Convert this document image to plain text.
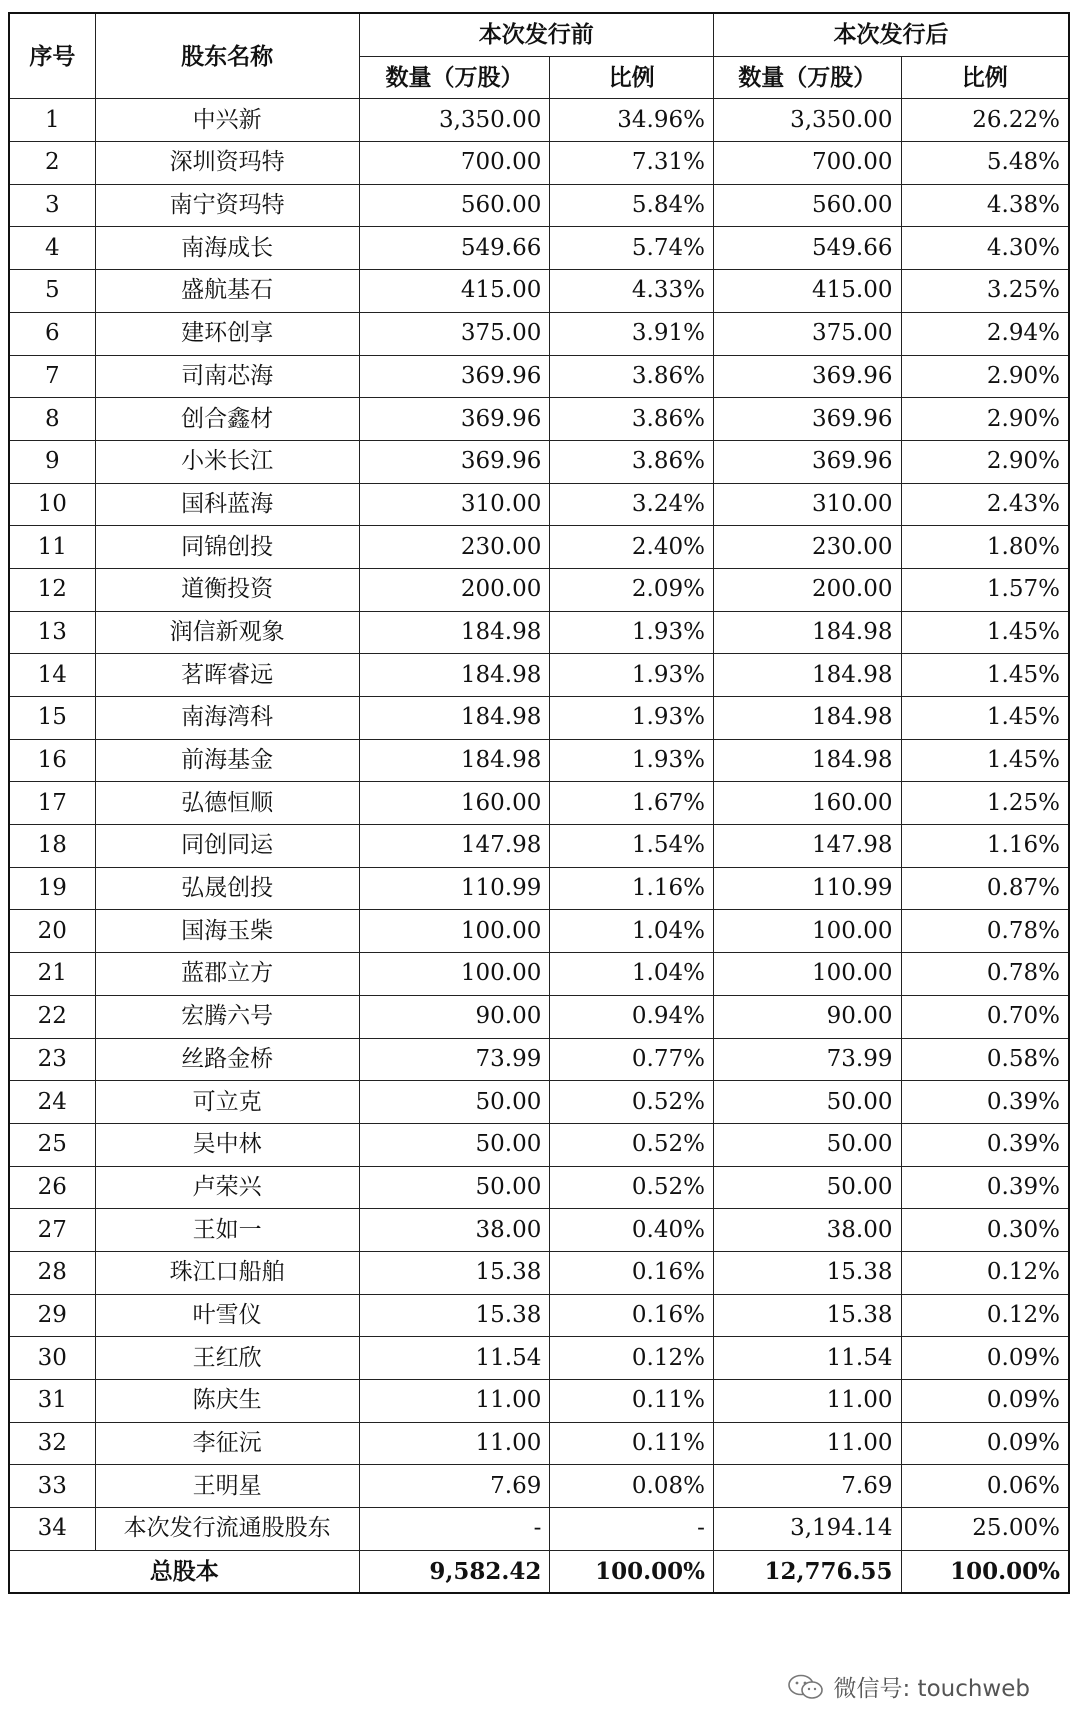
序号	股东名称	本次发行前		本次发行后	
		数量（万股）	比例	数量（万股）	比例
1	中兴新	3,350.00	34.96%	3,350.00	26.22%
2	深圳资玛特	700.00	7.31%	700.00	5.48%
3	南宁资玛特	560.00	5.84%	560.00	4.38%
4	南海成长	549.66	5.74%	549.66	4.30%
5	盛航基石	415.00	4.33%	415.00	3.25%
6	建环创享	375.00	3.91%	375.00	2.94%
7	司南芯海	369.96	3.86%	369.96	2.90%
8	创合鑫材	369.96	3.86%	369.96	2.90%
9	小米长江	369.96	3.86%	369.96	2.90%
10	国科蓝海	310.00	3.24%	310.00	2.43%
11	同锦创投	230.00	2.40%	230.00	1.80%
12	道衡投资	200.00	2.09%	200.00	1.57%
13	润信新观象	184.98	1.93%	184.98	1.45%
14	茗晖睿远	184.98	1.93%	184.98	1.45%
15	南海湾科	184.98	1.93%	184.98	1.45%
16	前海基金	184.98	1.93%	184.98	1.45%
17	弘德恒顺	160.00	1.67%	160.00	1.25%
18	同创同运	147.98	1.54%	147.98	1.16%
19	弘晟创投	110.99	1.16%	110.99	0.87%
20	国海玉柴	100.00	1.04%	100.00	0.78%
21	蓝郡立方	100.00	1.04%	100.00	0.78%
22	宏腾六号	90.00	0.94%	90.00	0.70%
23	丝路金桥	73.99	0.77%	73.99	0.58%
24	可立克	50.00	0.52%	50.00	0.39%
25	吴中林	50.00	0.52%	50.00	0.39%
26	卢荣兴	50.00	0.52%	50.00	0.39%
27	王如一	38.00	0.40%	38.00	0.30%
28	珠江口船舶	15.38	0.16%	15.38	0.12%
29	叶雪仪	15.38	0.16%	15.38	0.12%
30	王红欣	11.54	0.12%	11.54	0.09%
31	陈庆生	11.00	0.11%	11.00	0.09%
32	李征沅	11.00	0.11%	11.00	0.09%
33	王明星	7.69	0.08%	7.69	0.06%
34	本次发行流通股股东	-	-	3,194.14	25.00%
总股本		9,582.42	100.00%	12,776.55	100.00%
微信号: touchweb
